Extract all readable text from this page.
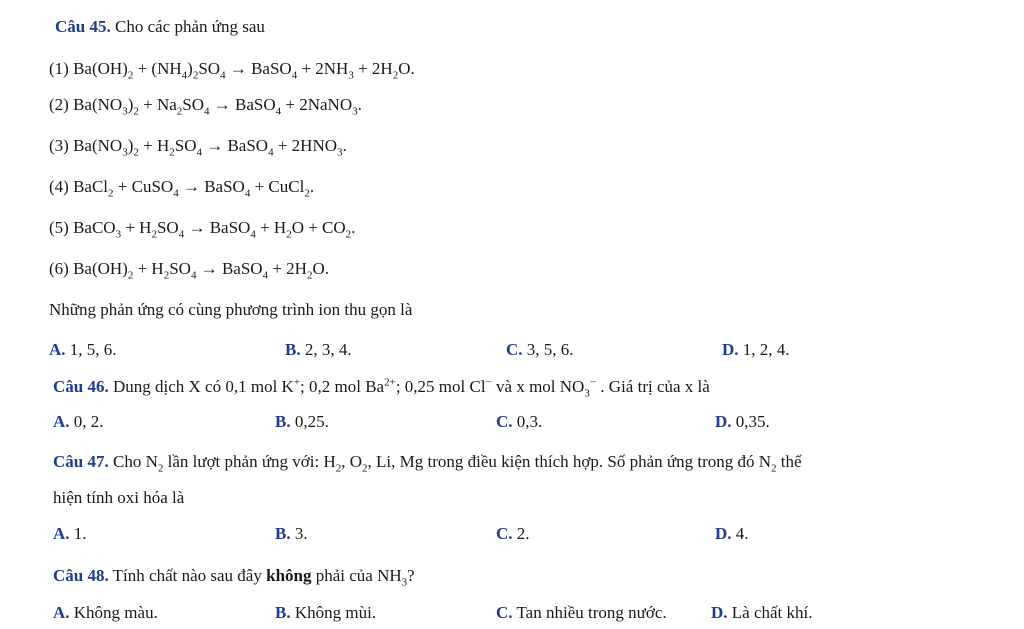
Câu 45. Cho các phản ứng sau
(1) $Ba(OH)_2 + (NH_4)_2SO_4$ → BaSO$_4$ + $2NH_3 + 2H_2O$.
(2) $Ba(NO_3)_2 + Na_2SO_4$ → BaSO$_4$ + 2NaNO$_3$.
(3) $Ba(NO_3)_2 + H_2SO_4$ → BaSO$_4$ + $2HNO_3$.
(4) BaCl$_2$ + CuSO$_4$ → BaSO$_4$ + CuCl$_2$.
(5) BaCO$_3$ + $H_2SO_4$ → BaSO$_4$ + $H_2O + CO_2$.
(6) $Ba(OH)_2 + H_2SO_4$ → BaSO$_4$ + $2H_2O$.
Những phản ứng có cùng phương trình ion thu gọn là
A. 1, 5, 6.	B. 2, 3, 4.	C. 3, 5, 6.	D. 1, 2, 4.
Câu 46. Dung dịch X có 0,1 mol K+; 0,2 mol $Ba^{2+}$; 0,25 mol Cl− và x mol $NO_3^-$ . Giá trị của x là
A. 0, 2.	B. 0,25.	C. 0,3.	D. 0,35.
Câu 47. Cho $N_2$ lần lượt phản ứng với: $H_2$, $O_2$, Li, Mg trong điều kiện thích hợp. Số phản ứng trong đó $N_2$ thể
hiện tính oxi hóa là
A. 1.	B. 3.	C. 2.	D. 4.
Câu 48. Tính chất nào sau đây không phải của $NH_3$?
A. Không màu.	B. Không mùi.	C. Tan nhiều trong nước.	D. Là chất khí.
